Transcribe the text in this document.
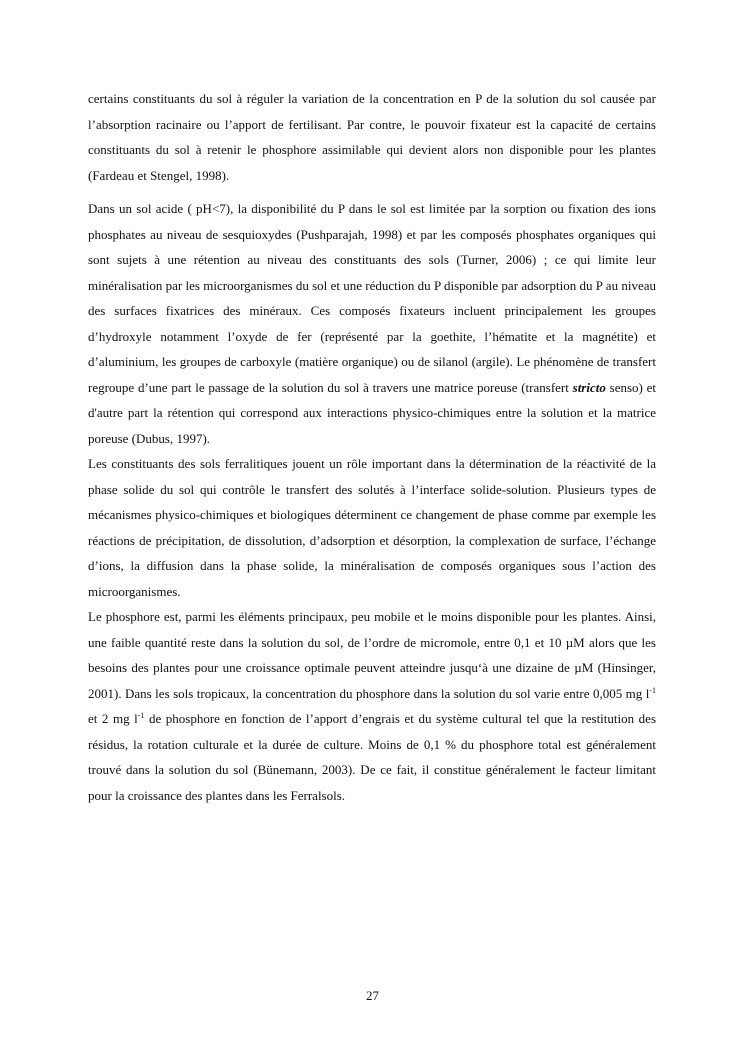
certains constituants du sol à réguler la variation de la concentration en P de la solution du sol causée par l’absorption racinaire ou l’apport de fertilisant. Par contre, le pouvoir fixateur est la capacité de certains constituants du sol à retenir le phosphore assimilable qui devient alors non disponible pour les plantes (Fardeau et Stengel, 1998).

Dans un sol acide ( pH<7), la disponibilité du P dans le sol est limitée par la sorption ou fixation des ions phosphates au niveau de sesquioxydes (Pushparajah, 1998) et par les composés phosphates organiques qui sont sujets à une rétention au niveau des constituants des sols (Turner, 2006) ; ce qui limite leur minéralisation par les microorganismes du sol et une réduction du P disponible par adsorption du P au niveau des surfaces fixatrices des minéraux. Ces composés fixateurs incluent principalement les groupes d’hydroxyle notamment l’oxyde de fer (représenté par la goethite, l’hématite et la magnétite) et d’aluminium, les groupes de carboxyle (matière organique) ou de silanol (argile). Le phénomène de transfert regroupe d’une part le passage de la solution du sol à travers une matrice poreuse (transfert stricto senso) et d'autre part la rétention qui correspond aux interactions physico-chimiques entre la solution et la matrice poreuse (Dubus, 1997).

Les constituants des sols ferralitiques jouent un rôle important dans la détermination de la réactivité de la phase solide du sol qui contrôle le transfert des solutés à l’interface solide-solution. Plusieurs types de mécanismes physico-chimiques et biologiques déterminent ce changement de phase comme par exemple les réactions de précipitation, de dissolution, d’adsorption et désorption, la complexation de surface, l’échange d’ions, la diffusion dans la phase solide, la minéralisation de composés organiques sous l’action des microorganismes.

Le phosphore est, parmi les éléments principaux, peu mobile et le moins disponible pour les plantes. Ainsi, une faible quantité reste dans la solution du sol, de l’ordre de micromole, entre 0,1 et 10 µM alors que les besoins des plantes pour une croissance optimale peuvent atteindre jusqu‘à une dizaine de µM (Hinsinger, 2001). Dans les sols tropicaux, la concentration du phosphore dans la solution du sol varie entre 0,005 mg $l^{-1}$ et 2 mg $l^{-1}$ de phosphore en fonction de l’apport d’engrais et du système cultural tel que la restitution des résidus, la rotation culturale et la durée de culture. Moins de 0,1 % du phosphore total est généralement trouvé dans la solution du sol (Bünemann, 2003). De ce fait, il constitue généralement le facteur limitant pour la croissance des plantes dans les Ferralsols.

27
